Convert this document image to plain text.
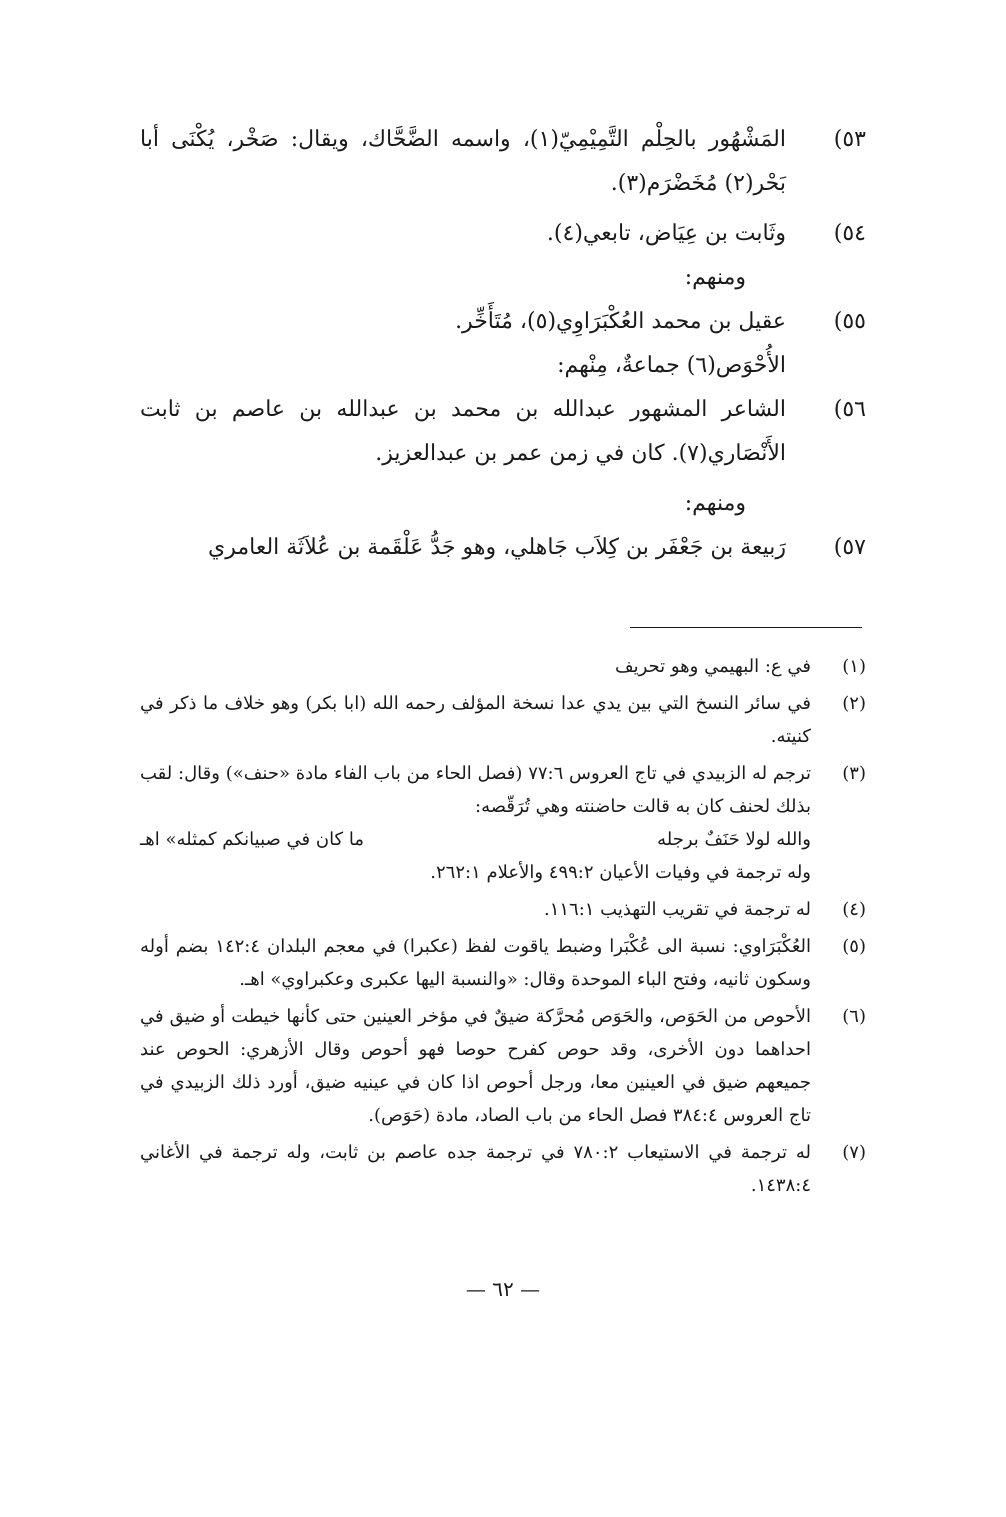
٥٣)
المَشْهُور بالحِلْم التَّمِيْمِيّ(١)، واسمه الضَّحَّاك، ويقال: صَخْر، يُكْنَى أبا بَحْر(٢) مُخَضْرَم(٣).
٥٤)
وثَابت بن عِيَاض، تابعي(٤).
ومنهم:
٥٥)
عقيل بن محمد العُكْبَرَاوِي(٥)، مُتَأَخِّر.
الأُحْوَص(٦) جماعةٌ، مِنْهم:
٥٦)
الشاعر المشهور عبدالله بن محمد بن عبدالله بن عاصم بن ثابت الأَنْصَاري(٧). كان في زمن عمر بن عبدالعزيز.
ومنهم:
٥٧)
رَبيعة بن جَعْفَر بن كِلاَب جَاهلي، وهو جَدُّ عَلْقَمة بن عُلاَثَة العامري
(١)
في ع: البهيمي وهو تحريف
(٢)
في سائر النسخ التي بين يدي عدا نسخة المؤلف رحمه الله (ابا بكر) وهو خلاف ما ذكر في كنيته.
(٣)
ترجم له الزبيدي في تاج العروس ٧٧:٦ (فصل الحاء من باب الفاء مادة «حنف») وقال: لقب بذلك لحنف كان به قالت حاضنته وهي تُرَقّصه:
والله لولا حَنَفٌ برجله
ما كان في صبيانكم كمثله» اهـ
وله ترجمة في وفيات الأعيان ٤٩٩:٢ والأعلام ٢٦٢:١.
(٤)
له ترجمة في تقريب التهذيب ١١٦:١.
(٥)
العُكْبَرَاوي: نسبة الى عُكْبَرا وضبط ياقوت لفظ (عكبرا) في معجم البلدان ١٤٢:٤ بضم أوله وسكون ثانيه، وفتح الباء الموحدة وقال: «والنسبة اليها عكبرى وعكبراوي» اهـ.
(٦)
الأحوص من الحَوَص، والحَوَص مُحرَّكة ضيقٌ في مؤخر العينين حتى كأنها خيطت أو ضيق في احداهما دون الأخرى، وقد حوص كفرح حوصا فهو أحوص وقال الأزهري: الحوص عند جميعهم ضيق في العينين معا، ورجل أحوص اذا كان في عينيه ضيق، أورد ذلك الزبيدي في تاج العروس ٣٨٤:٤ فصل الحاء من باب الصاد، مادة (حَوَص).
(٧)
له ترجمة في الاستيعاب ٧٨٠:٢ في ترجمة جده عاصم بن ثابت، وله ترجمة في الأغاني ١٤٣٨:٤.
— ٦٢ —
